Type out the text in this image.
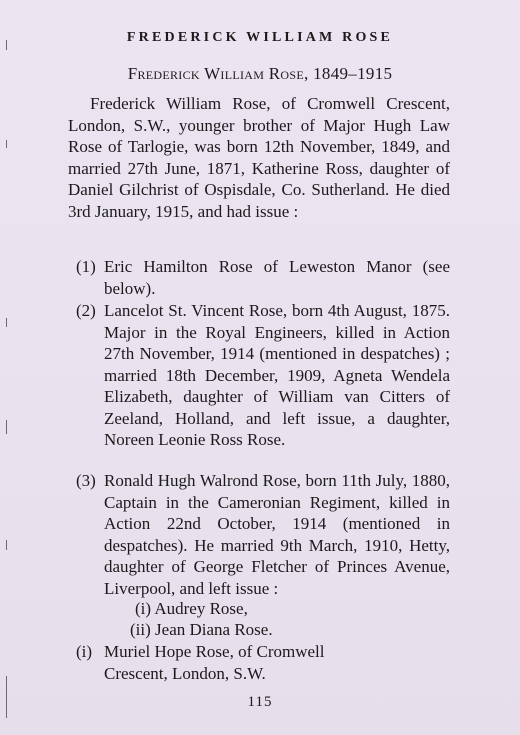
FREDERICK WILLIAM ROSE
Frederick William Rose, 1849–1915

Frederick William Rose, of Cromwell Crescent, London, S.W., younger brother of Major Hugh Law Rose of Tarlogie, was born 12th November, 1849, and married 27th June, 1871, Katherine Ross, daughter of Daniel Gilchrist of Ospisdale, Co. Sutherland. He died 3rd January, 1915, and had issue :

(1) Eric Hamilton Rose of Leweston Manor (see below).
(2) Lancelot St. Vincent Rose, born 4th August, 1875. Major in the Royal Engineers, killed in Action 27th November, 1914 (mentioned in despatches) ; married 18th December, 1909, Agneta Wendela Elizabeth, daughter of William van Citters of Zeeland, Holland, and left issue, a daughter, Noreen Leonie Ross Rose.
(3) Ronald Hugh Walrond Rose, born 11th July, 1880, Captain in the Cameronian Regiment, killed in Action 22nd October, 1914 (mentioned in despatches). He married 9th March, 1910, Hetty, daughter of George Fletcher of Princes Avenue, Liverpool, and left issue :
(i) Audrey Rose,
(ii) Jean Diana Rose.
(i) Muriel Hope Rose, of Cromwell Crescent, London, S.W.
115
